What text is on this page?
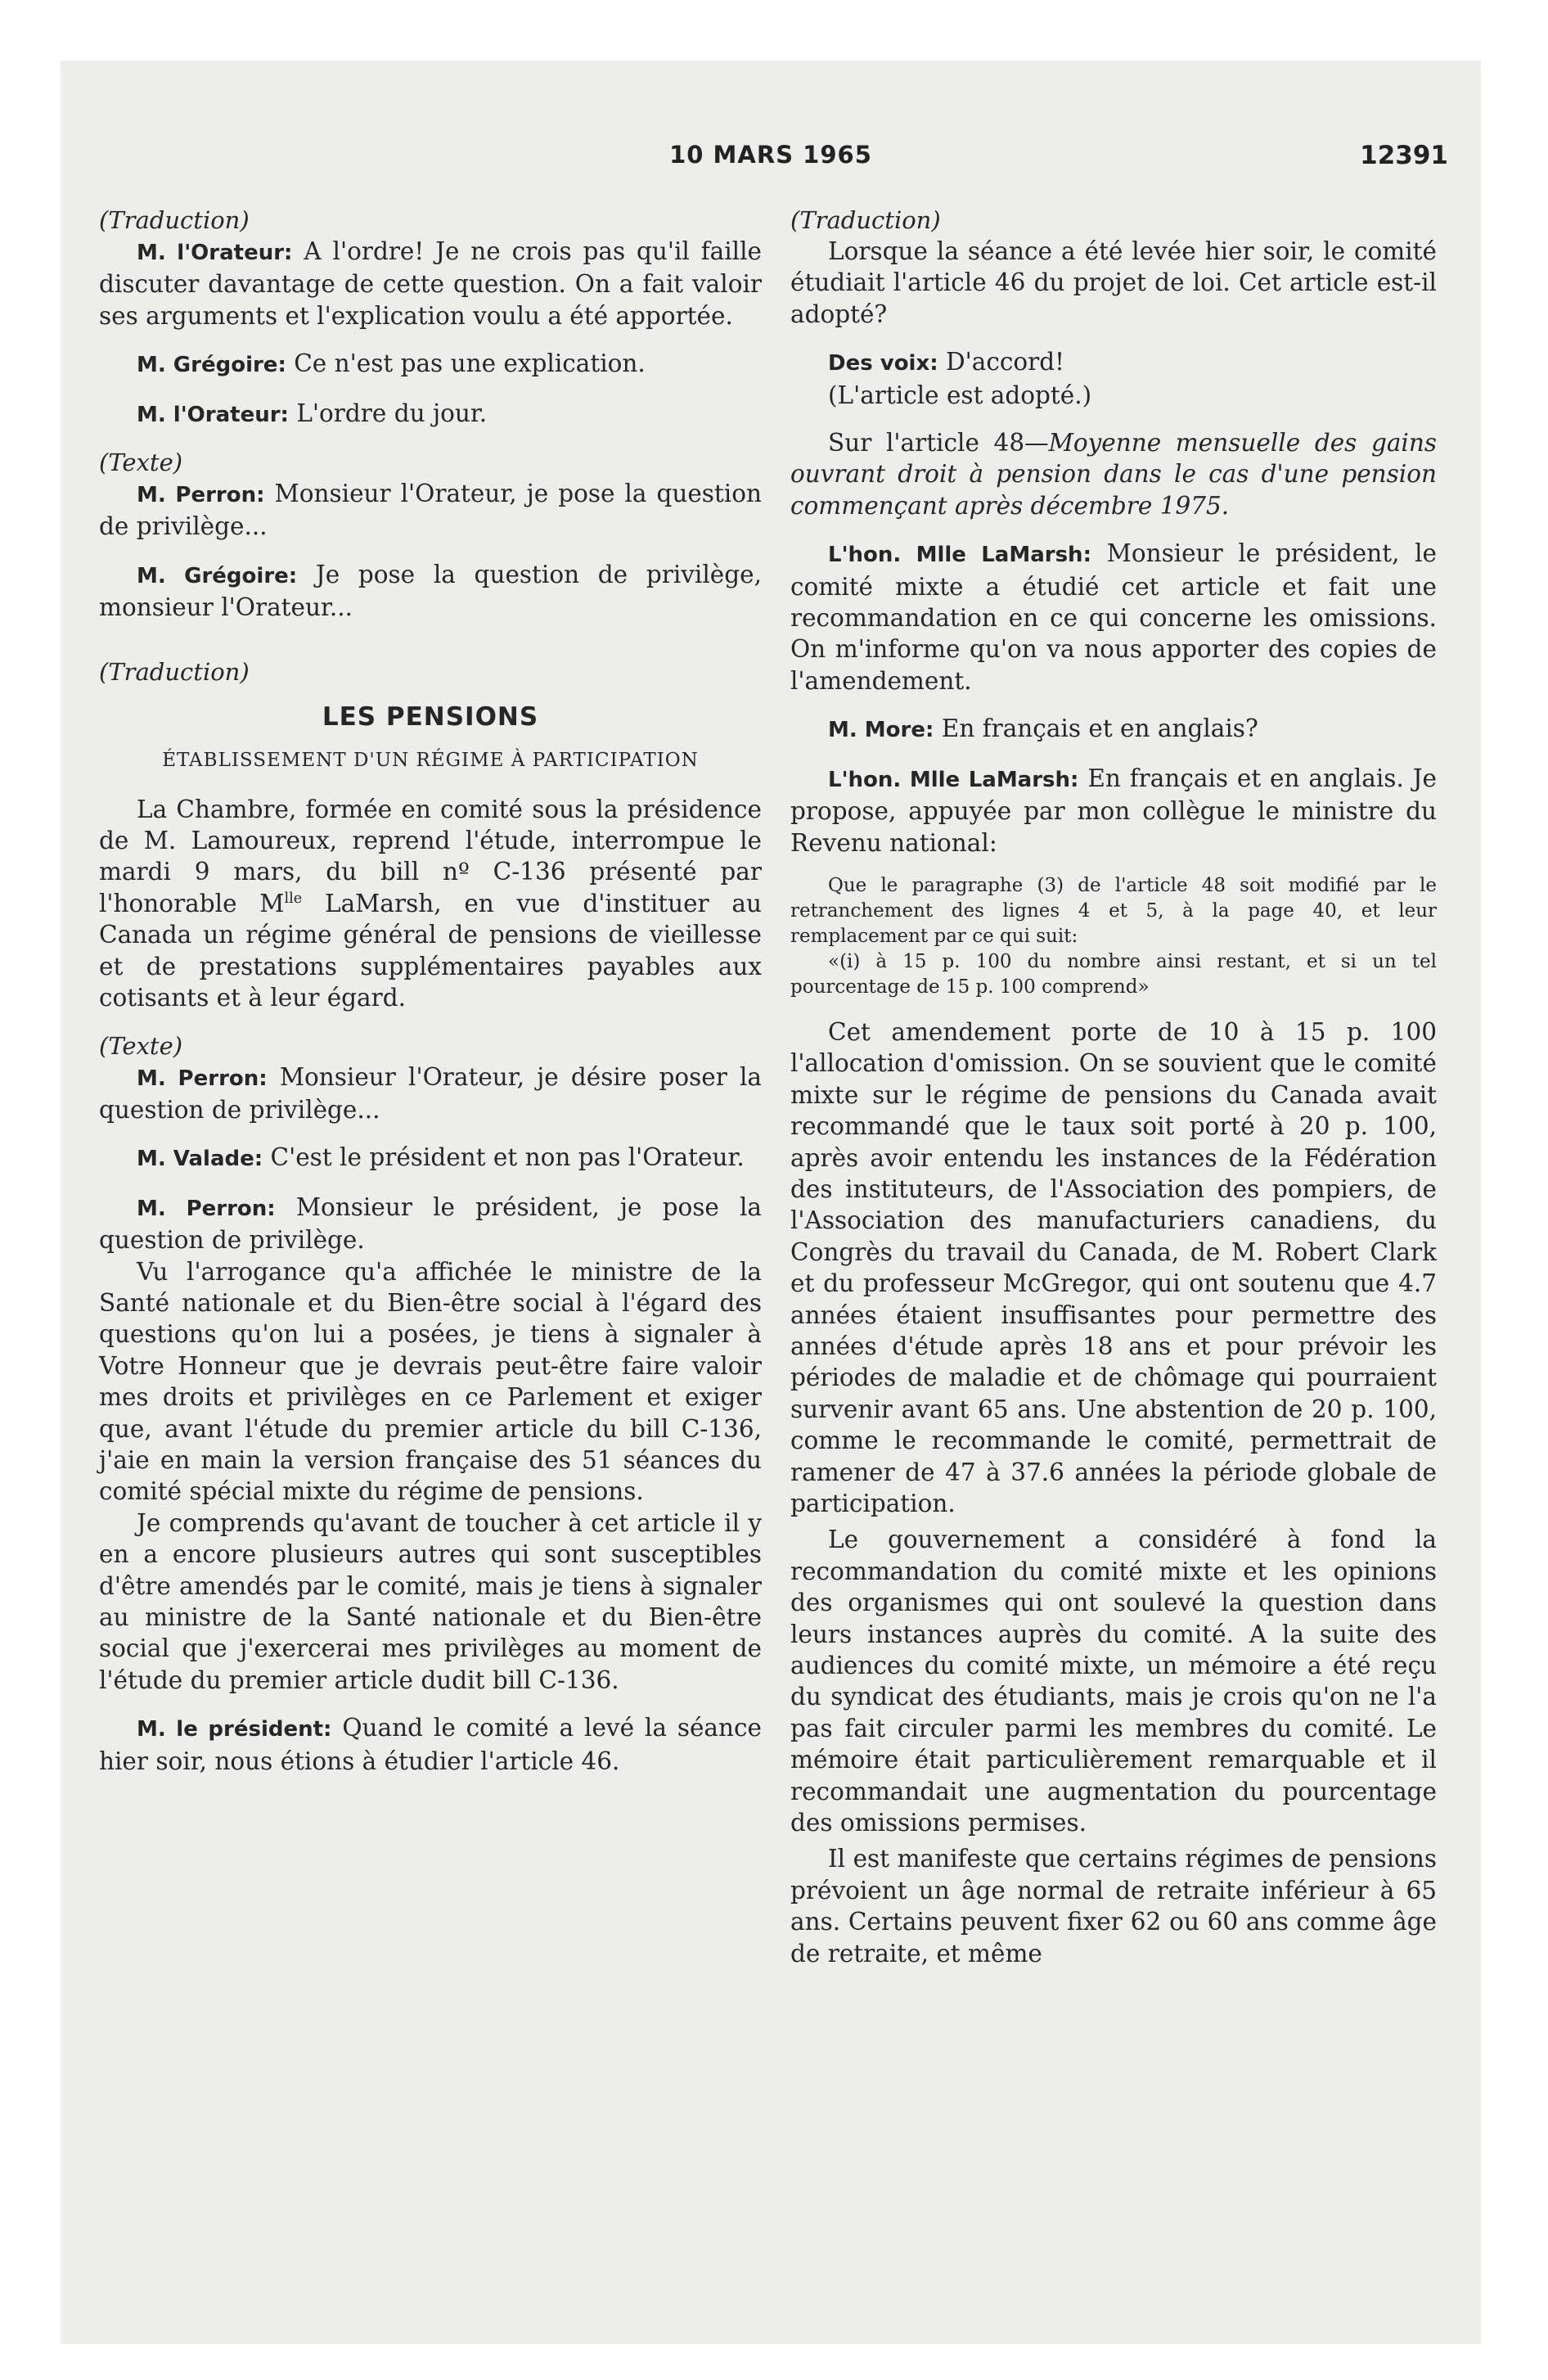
10 MARS 1965	12391

(Traduction)

M. l'Orateur: A l'ordre! Je ne crois pas qu'il faille discuter davantage de cette question. On a fait valoir ses arguments et l'explication voulu a été apportée.

M. Grégoire: Ce n'est pas une explication.

M. l'Orateur: L'ordre du jour.

(Texte)

M. Perron: Monsieur l'Orateur, je pose la question de privilège...

M. Grégoire: Je pose la question de privilège, monsieur l'Orateur...

(Traduction)

LES PENSIONS

ÉTABLISSEMENT D'UN RÉGIME À PARTICIPATION

La Chambre, formée en comité sous la présidence de M. Lamoureux, reprend l'étude, interrompue le mardi 9 mars, du bill nº C-136 présenté par l'honorable $M^{lle}$ LaMarsh, en vue d'instituer au Canada un régime général de pensions de vieillesse et de prestations supplémentaires payables aux cotisants et à leur égard.

(Texte)

M. Perron: Monsieur l'Orateur, je désire poser la question de privilège...

M. Valade: C'est le président et non pas l'Orateur.

M. Perron: Monsieur le président, je pose la question de privilège.

Vu l'arrogance qu'a affichée le ministre de la Santé nationale et du Bien-être social à l'égard des questions qu'on lui a posées, je tiens à signaler à Votre Honneur que je devrais peut-être faire valoir mes droits et privilèges en ce Parlement et exiger que, avant l'étude du premier article du bill C-136, j'aie en main la version française des 51 séances du comité spécial mixte du régime de pensions.

Je comprends qu'avant de toucher à cet article il y en a encore plusieurs autres qui sont susceptibles d'être amendés par le comité, mais je tiens à signaler au ministre de la Santé nationale et du Bien-être social que j'exercerai mes privilèges au moment de l'étude du premier article dudit bill C-136.

M. le président: Quand le comité a levé la séance hier soir, nous étions à étudier l'article 46.

(Traduction)

Lorsque la séance a été levée hier soir, le comité étudiait l'article 46 du projet de loi. Cet article est-il adopté?

Des voix: D'accord!

(L'article est adopté.)

Sur l'article 48—Moyenne mensuelle des gains ouvrant droit à pension dans le cas d'une pension commençant après décembre 1975.

L'hon. Mlle LaMarsh: Monsieur le président, le comité mixte a étudié cet article et fait une recommandation en ce qui concerne les omissions. On m'informe qu'on va nous apporter des copies de l'amendement.

M. More: En français et en anglais?

L'hon. Mlle LaMarsh: En français et en anglais. Je propose, appuyée par mon collègue le ministre du Revenu national:

Que le paragraphe (3) de l'article 48 soit modifié par le retranchement des lignes 4 et 5, à la page 40, et leur remplacement par ce qui suit:

«(i) à 15 p. 100 du nombre ainsi restant, et si un tel pourcentage de 15 p. 100 comprend»

Cet amendement porte de 10 à 15 p. 100 l'allocation d'omission. On se souvient que le comité mixte sur le régime de pensions du Canada avait recommandé que le taux soit porté à 20 p. 100, après avoir entendu les instances de la Fédération des instituteurs, de l'Association des pompiers, de l'Association des manufacturiers canadiens, du Congrès du travail du Canada, de M. Robert Clark et du professeur McGregor, qui ont soutenu que 4.7 années étaient insuffisantes pour permettre des années d'étude après 18 ans et pour prévoir les périodes de maladie et de chômage qui pourraient survenir avant 65 ans. Une abstention de 20 p. 100, comme le recommande le comité, permettrait de ramener de 47 à 37.6 années la période globale de participation.

Le gouvernement a considéré à fond la recommandation du comité mixte et les opinions des organismes qui ont soulevé la question dans leurs instances auprès du comité. A la suite des audiences du comité mixte, un mémoire a été reçu du syndicat des étudiants, mais je crois qu'on ne l'a pas fait circuler parmi les membres du comité. Le mémoire était particulièrement remarquable et il recommandait une augmentation du pourcentage des omissions permises.

Il est manifeste que certains régimes de pensions prévoient un âge normal de retraite inférieur à 65 ans. Certains peuvent fixer 62 ou 60 ans comme âge de retraite, et même
